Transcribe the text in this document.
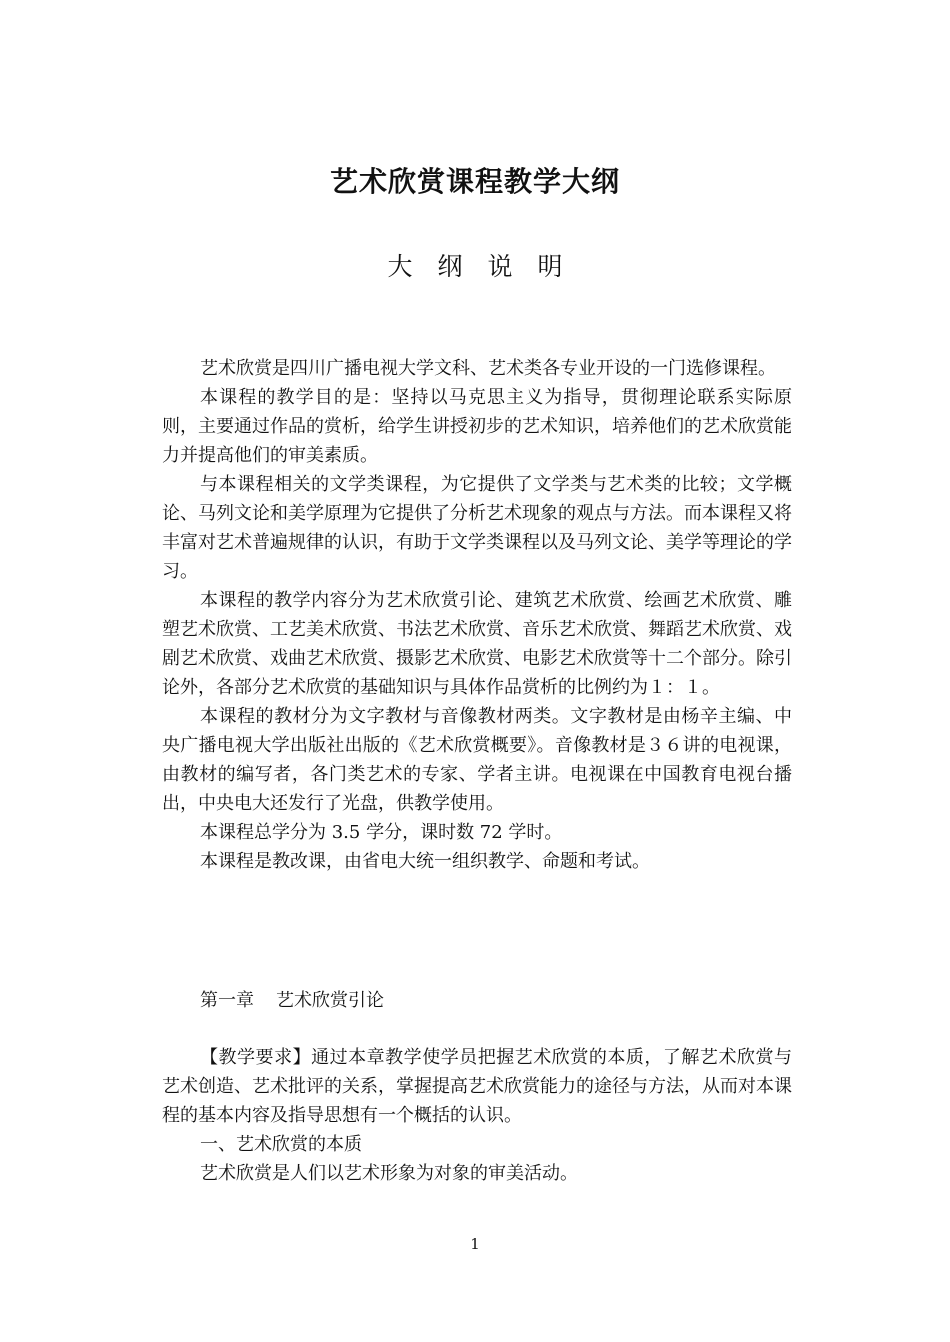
艺术欣赏课程教学大纲
大　纲　说　明

艺术欣赏是四川广播电视大学文科、艺术类各专业开设的一门选修课程。

本课程的教学目的是：坚持以马克思主义为指导，贯彻理论联系实际原则，主要通过作品的赏析，给学生讲授初步的艺术知识，培养他们的艺术欣赏能力并提高他们的审美素质。

与本课程相关的文学类课程，为它提供了文学类与艺术类的比较；文学概论、马列文论和美学原理为它提供了分析艺术现象的观点与方法。而本课程又将丰富对艺术普遍规律的认识，有助于文学类课程以及马列文论、美学等理论的学习。

本课程的教学内容分为艺术欣赏引论、建筑艺术欣赏、绘画艺术欣赏、雕塑艺术欣赏、工艺美术欣赏、书法艺术欣赏、音乐艺术欣赏、舞蹈艺术欣赏、戏剧艺术欣赏、戏曲艺术欣赏、摄影艺术欣赏、电影艺术欣赏等十二个部分。除引论外，各部分艺术欣赏的基础知识与具体作品赏析的比例约为１：１。

本课程的教材分为文字教材与音像教材两类。文字教材是由杨辛主编、中央广播电视大学出版社出版的《艺术欣赏概要》。音像教材是３６讲的电视课，由教材的编写者，各门类艺术的专家、学者主讲。电视课在中国教育电视台播出，中央电大还发行了光盘，供教学使用。

本课程总学分为 3.5 学分，课时数 72 学时。

本课程是教改课，由省电大统一组织教学、命题和考试。

第一章 艺术欣赏引论

【教学要求】通过本章教学使学员把握艺术欣赏的本质，了解艺术欣赏与艺术创造、艺术批评的关系，掌握提高艺术欣赏能力的途径与方法，从而对本课程的基本内容及指导思想有一个概括的认识。

一、艺术欣赏的本质

艺术欣赏是人们以艺术形象为对象的审美活动。

1
